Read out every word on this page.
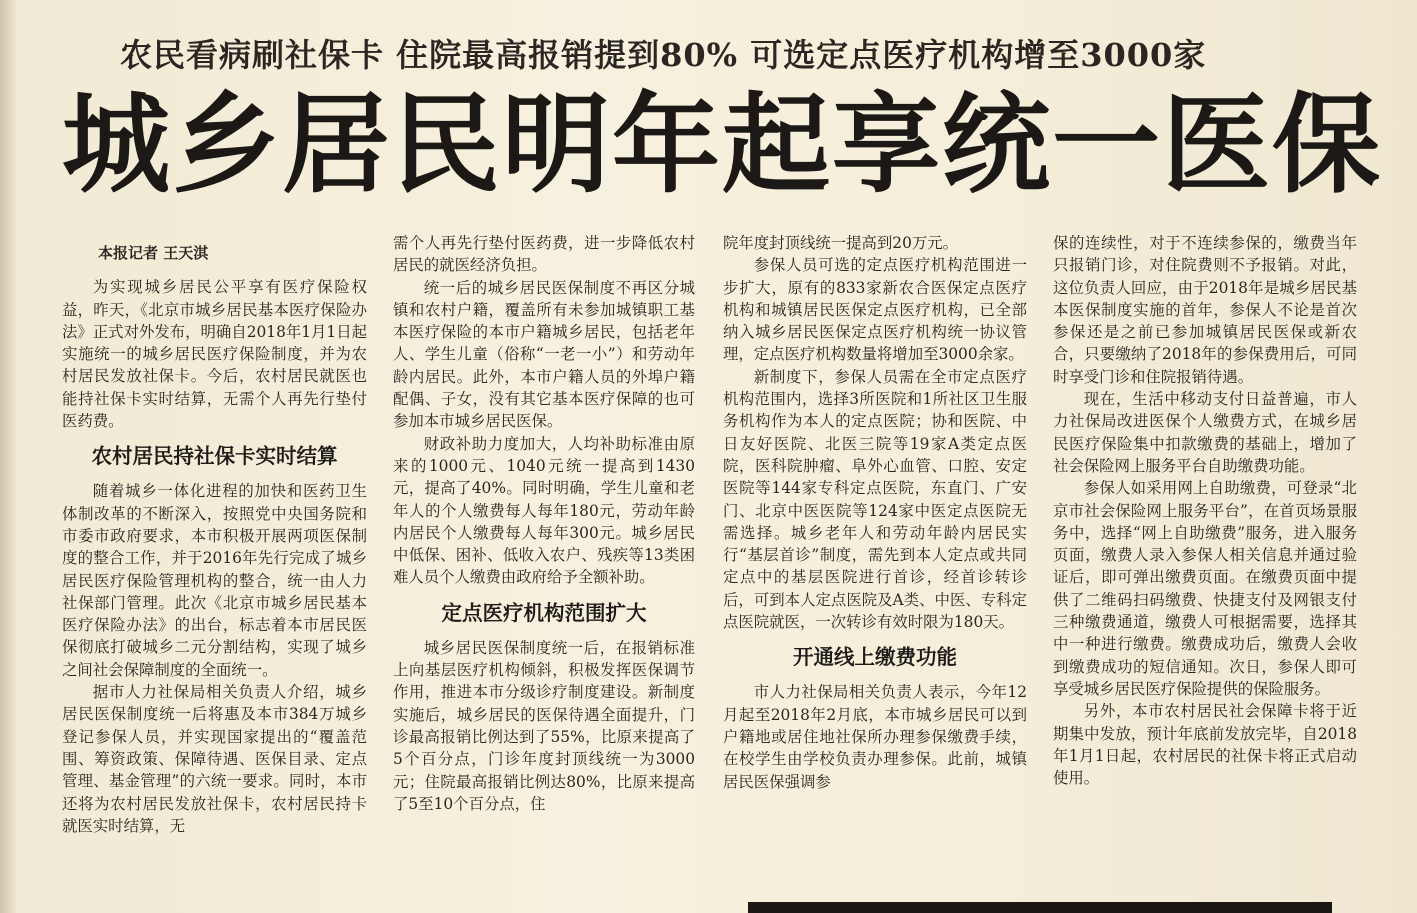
农民看病刷社保卡 住院最高报销提到80% 可选定点医疗机构增至3000家
城乡居民明年起享统一医保

本报记者 王天淇

为实现城乡居民公平享有医疗保险权益，昨天，《北京市城乡居民基本医疗保险办法》正式对外发布，明确自2018年1月1日起实施统一的城乡居民医疗保险制度，并为农村居民发放社保卡。今后，农村居民就医也能持社保卡实时结算，无需个人再先行垫付医药费。

农村居民持社保卡实时结算

随着城乡一体化进程的加快和医药卫生体制改革的不断深入，按照党中央国务院和市委市政府要求，本市积极开展两项医保制度的整合工作，并于2016年先行完成了城乡居民医疗保险管理机构的整合，统一由人力社保部门管理。此次《北京市城乡居民基本医疗保险办法》的出台，标志着本市居民医保彻底打破城乡二元分割结构，实现了城乡之间社会保障制度的全面统一。

据市人力社保局相关负责人介绍，城乡居民医保制度统一后将惠及本市384万城乡登记参保人员，并实现国家提出的“覆盖范围、筹资政策、保障待遇、医保目录、定点管理、基金管理”的六统一要求。同时，本市还将为农村居民发放社保卡，农村居民持卡就医实时结算，无

需个人再先行垫付医药费，进一步降低农村居民的就医经济负担。

统一后的城乡居民医保制度不再区分城镇和农村户籍，覆盖所有未参加城镇职工基本医疗保险的本市户籍城乡居民，包括老年人、学生儿童（俗称“一老一小”）和劳动年龄内居民。此外，本市户籍人员的外埠户籍配偶、子女，没有其它基本医疗保障的也可参加本市城乡居民医保。

财政补助力度加大，人均补助标准由原来的1000元、1040元统一提高到1430元，提高了40%。同时明确，学生儿童和老年人的个人缴费每人每年180元，劳动年龄内居民个人缴费每人每年300元。城乡居民中低保、困补、低收入农户、残疾等13类困难人员个人缴费由政府给予全额补助。

定点医疗机构范围扩大

城乡居民医保制度统一后，在报销标准上向基层医疗机构倾斜，积极发挥医保调节作用，推进本市分级诊疗制度建设。新制度实施后，城乡居民的医保待遇全面提升，门诊最高报销比例达到了55%，比原来提高了5个百分点，门诊年度封顶线统一为3000元；住院最高报销比例达80%，比原来提高了5至10个百分点，住

院年度封顶线统一提高到20万元。

参保人员可选的定点医疗机构范围进一步扩大，原有的833家新农合医保定点医疗机构和城镇居民医保定点医疗机构，已全部纳入城乡居民医保定点医疗机构统一协议管理，定点医疗机构数量将增加至3000余家。

新制度下，参保人员需在全市定点医疗机构范围内，选择3所医院和1所社区卫生服务机构作为本人的定点医院；协和医院、中日友好医院、北医三院等19家A类定点医院，医科院肿瘤、阜外心血管、口腔、安定医院等144家专科定点医院，东直门、广安门、北京中医医院等124家中医定点医院无需选择。城乡老年人和劳动年龄内居民实行“基层首诊”制度，需先到本人定点或共同定点中的基层医院进行首诊，经首诊转诊后，可到本人定点医院及A类、中医、专科定点医院就医，一次转诊有效时限为180天。

开通线上缴费功能

市人力社保局相关负责人表示，今年12月起至2018年2月底，本市城乡居民可以到户籍地或居住地社保所办理参保缴费手续，在校学生由学校负责办理参保。此前，城镇居民医保强调参

保的连续性，对于不连续参保的，缴费当年只报销门诊，对住院费则不予报销。对此，这位负责人回应，由于2018年是城乡居民基本医保制度实施的首年，参保人不论是首次参保还是之前已参加城镇居民医保或新农合，只要缴纳了2018年的参保费用后，可同时享受门诊和住院报销待遇。

现在，生活中移动支付日益普遍，市人力社保局改进医保个人缴费方式，在城乡居民医疗保险集中扣款缴费的基础上，增加了社会保险网上服务平台自助缴费功能。

参保人如采用网上自助缴费，可登录“北京市社会保险网上服务平台”，在首页场景服务中，选择“网上自助缴费”服务，进入服务页面，缴费人录入参保人相关信息并通过验证后，即可弹出缴费页面。在缴费页面中提供了二维码扫码缴费、快捷支付及网银支付三种缴费通道，缴费人可根据需要，选择其中一种进行缴费。缴费成功后，缴费人会收到缴费成功的短信通知。次日，参保人即可享受城乡居民医疗保险提供的保险服务。

另外，本市农村居民社会保障卡将于近期集中发放，预计年底前发放完毕，自2018年1月1日起，农村居民的社保卡将正式启动使用。
